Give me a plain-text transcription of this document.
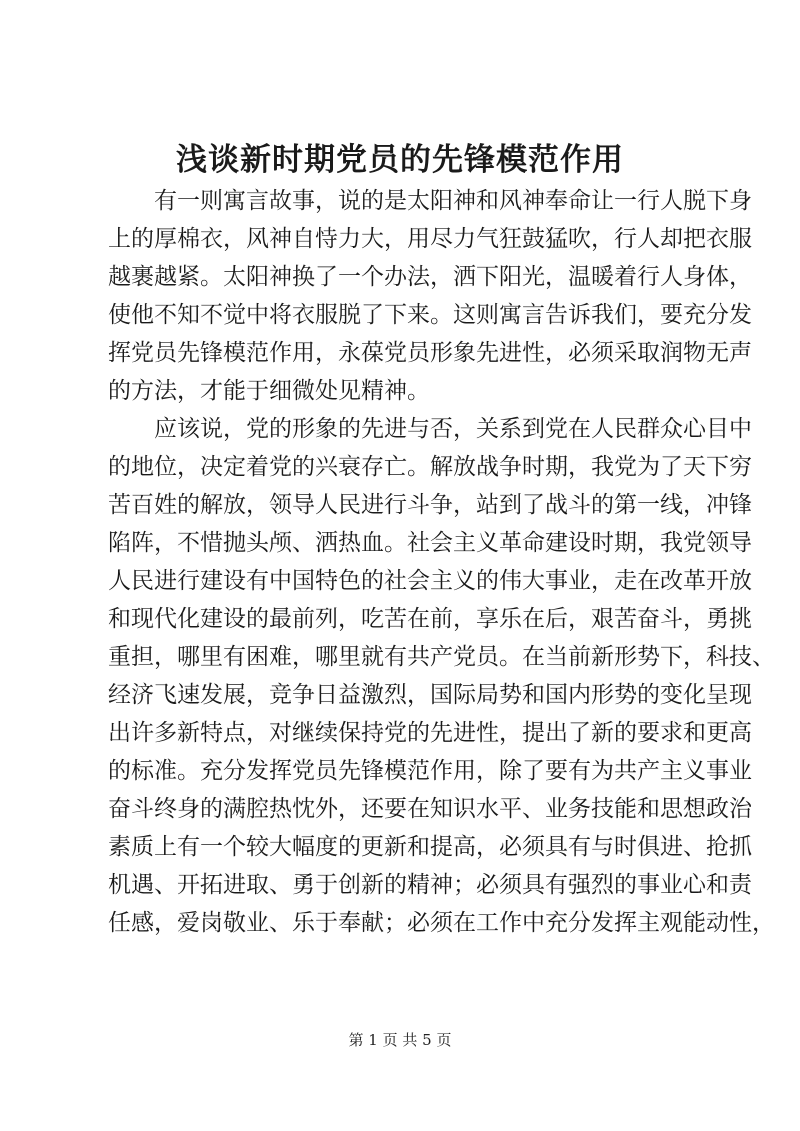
浅谈新时期党员的先锋模范作用
有一则寓言故事，说的是太阳神和风神奉命让一行人脱下身
上的厚棉衣，风神自恃力大，用尽力气狂鼓猛吹，行人却把衣服
越裹越紧。太阳神换了一个办法，洒下阳光，温暖着行人身体，
使他不知不觉中将衣服脱了下来。这则寓言告诉我们，要充分发
挥党员先锋模范作用，永葆党员形象先进性，必须采取润物无声
的方法，才能于细微处见精神。
应该说，党的形象的先进与否，关系到党在人民群众心目中
的地位，决定着党的兴衰存亡。解放战争时期，我党为了天下穷
苦百姓的解放，领导人民进行斗争，站到了战斗的第一线，冲锋
陷阵，不惜抛头颅、洒热血。社会主义革命建设时期，我党领导
人民进行建设有中国特色的社会主义的伟大事业，走在改革开放
和现代化建设的最前列，吃苦在前，享乐在后，艰苦奋斗，勇挑
重担，哪里有困难，哪里就有共产党员。在当前新形势下，科技、
经济飞速发展，竞争日益激烈，国际局势和国内形势的变化呈现
出许多新特点，对继续保持党的先进性，提出了新的要求和更高
的标准。充分发挥党员先锋模范作用，除了要有为共产主义事业
奋斗终身的满腔热忱外，还要在知识水平、业务技能和思想政治
素质上有一个较大幅度的更新和提高，必须具有与时俱进、抢抓
机遇、开拓进取、勇于创新的精神；必须具有强烈的事业心和责
任感，爱岗敬业、乐于奉献；必须在工作中充分发挥主观能动性，
第 1 页 共 5 页
